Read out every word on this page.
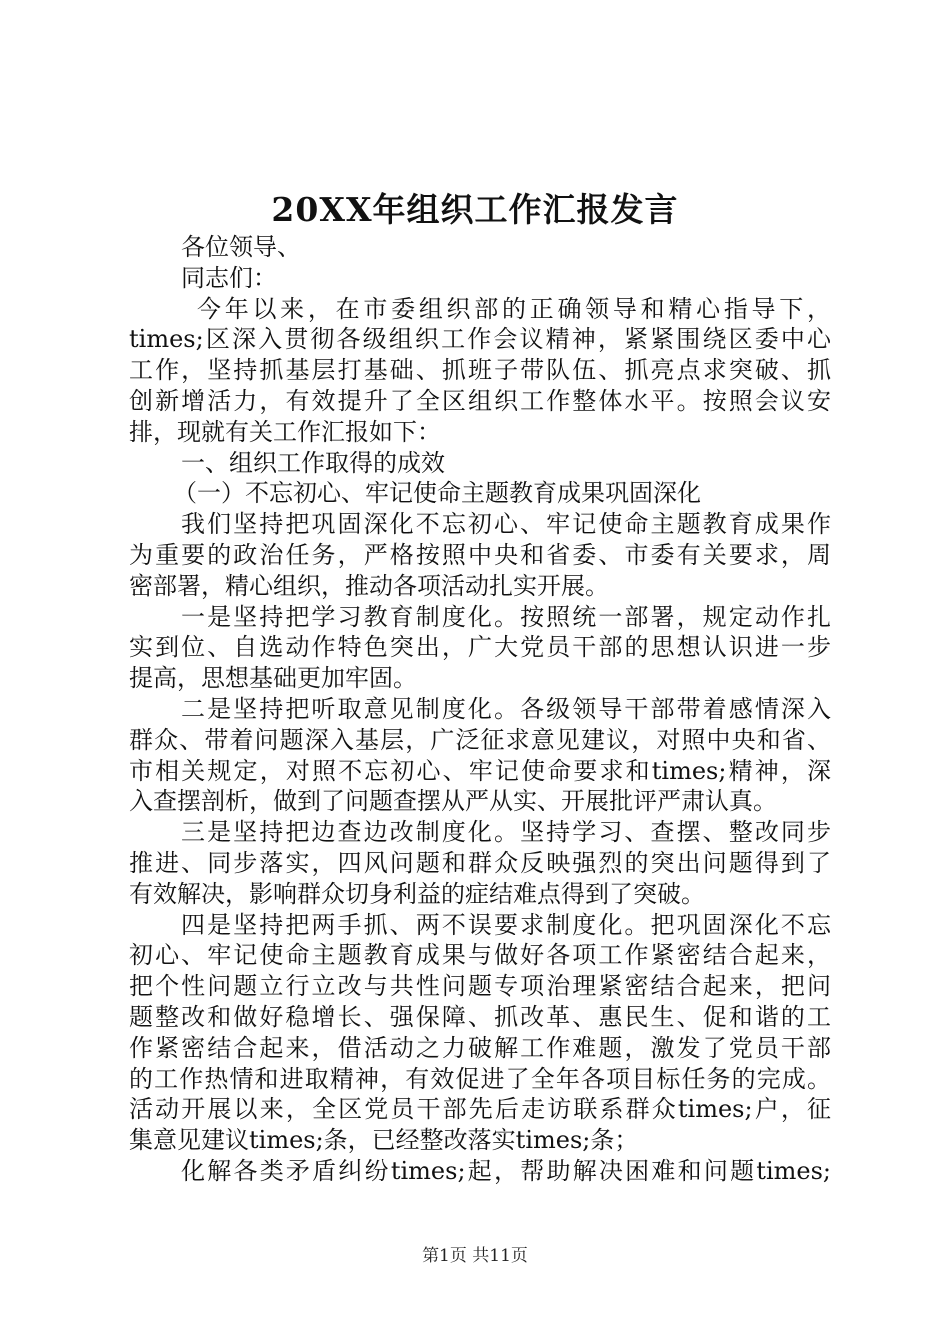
20XX年组织工作汇报发言
各位领导、
同志们：
今年以来，在市委组织部的正确领导和精心指导下，
times;区深入贯彻各级组织工作会议精神，紧紧围绕区委中心
工作，坚持抓基层打基础、抓班子带队伍、抓亮点求突破、抓
创新增活力，有效提升了全区组织工作整体水平。按照会议安
排，现就有关工作汇报如下：
一、组织工作取得的成效
（一）不忘初心、牢记使命主题教育成果巩固深化
我们坚持把巩固深化不忘初心、牢记使命主题教育成果作
为重要的政治任务，严格按照中央和省委、市委有关要求，周
密部署，精心组织，推动各项活动扎实开展。
一是坚持把学习教育制度化。按照统一部署，规定动作扎
实到位、自选动作特色突出，广大党员干部的思想认识进一步
提高，思想基础更加牢固。
二是坚持把听取意见制度化。各级领导干部带着感情深入
群众、带着问题深入基层，广泛征求意见建议，对照中央和省、
市相关规定，对照不忘初心、牢记使命要求和times;精神，深
入查摆剖析，做到了问题查摆从严从实、开展批评严肃认真。
三是坚持把边查边改制度化。坚持学习、查摆、整改同步
推进、同步落实，四风问题和群众反映强烈的突出问题得到了
有效解决，影响群众切身利益的症结难点得到了突破。
四是坚持把两手抓、两不误要求制度化。把巩固深化不忘
初心、牢记使命主题教育成果与做好各项工作紧密结合起来，
把个性问题立行立改与共性问题专项治理紧密结合起来，把问
题整改和做好稳增长、强保障、抓改革、惠民生、促和谐的工
作紧密结合起来，借活动之力破解工作难题，激发了党员干部
的工作热情和进取精神，有效促进了全年各项目标任务的完成。
活动开展以来，全区党员干部先后走访联系群众times;户，征
集意见建议times;条，已经整改落实times;条；
化解各类矛盾纠纷times;起，帮助解决困难和问题times;
第1页 共11页
